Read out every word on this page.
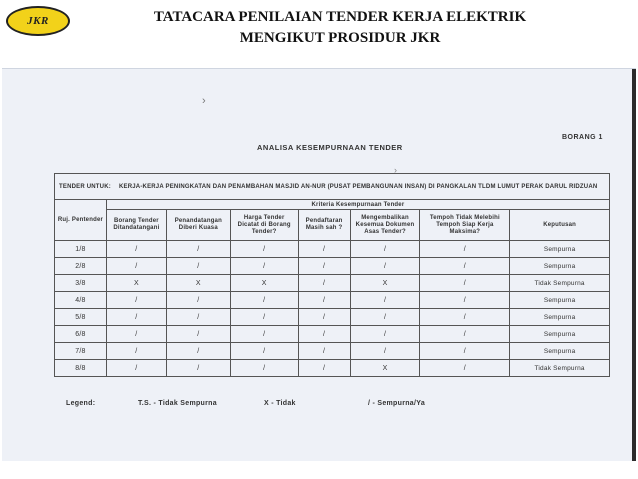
JKR	TATACARA PENILAIAN TENDER KERJA ELEKTRIK
MENGIKUT PROSIDUR JKR
›
›
BORANG 1
ANALISA KESEMPURNAAN TENDER
TENDER UNTUK: KERJA-KERJA PENINGKATAN DAN PENAMBAHAN MASJID AN-NUR (PUSAT PEMBANGUNAN INSAN) DI PANGKALAN TLDM LUMUT PERAK DARUL RIDZUAN							
Ruj. Pentender	Kriteria Kesempurnaan Tender						
	Borang Tender Ditandatangani	Penandatangan Diberi Kuasa	Harga Tender Dicatat di Borang Tender?	Pendaftaran Masih sah ?	Mengembalikan Kesemua Dokumen Asas Tender?	Tempoh Tidak Melebihi Tempoh Siap Kerja Maksima?	Keputusan
1/8	/	/	/	/	/	/	Sempurna
2/8	/	/	/	/	/	/	Sempurna
3/8	X	X	X	/	X	/	Tidak Sempurna
4/8	/	/	/	/	/	/	Sempurna
5/8	/	/	/	/	/	/	Sempurna
6/8	/	/	/	/	/	/	Sempurna
7/8	/	/	/	/	/	/	Sempurna
8/8	/	/	/	/	X	/	Tidak Sempurna
Legend:	T.S. - Tidak Sempurna	X - Tidak	/ - Sempurna/Ya
